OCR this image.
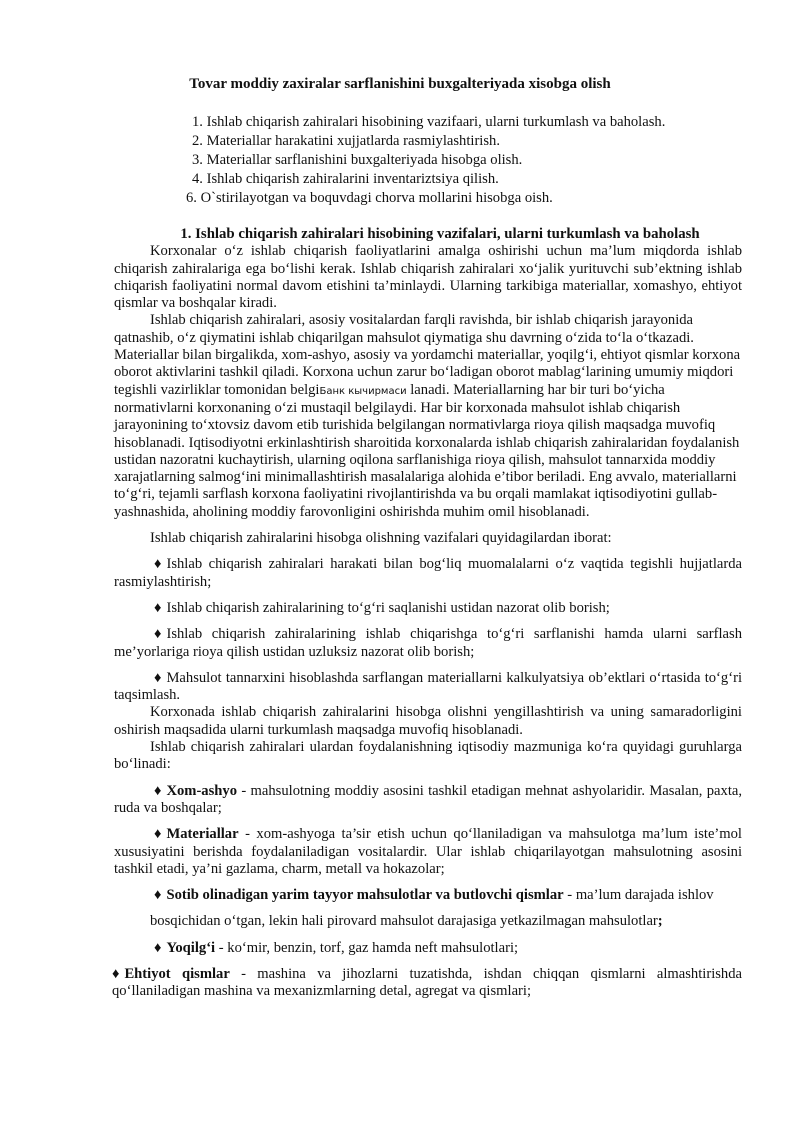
Tovar moddiy zaxiralar sarflanishini buxgalteriyada xisobga olish
1. Ishlab chiqarish zahiralari hisobining vazifaari, ularni turkumlash va baholash.
2. Materiallar harakatini xujjatlarda rasmiylashtirish.
3. Materiallar sarflanishini buxgalteriyada hisobga olish.
4. Ishlab chiqarish zahiralarini inventariztsiya qilish.
6. O`stirilayotgan va boquvdagi chorva mollarini hisobga oish.

1. Ishlab chiqarish zahiralari hisobining vazifalari, ularni turkumlash va baholash

Korxonalar o‘z ishlab chiqarish faoliyatlarini amalga oshirishi uchun ma’lum miqdorda ishlab chiqarish zahiralariga ega bo‘lishi kerak. Ishlab chiqarish zahiralari xo‘jalik yurituvchi sub’ektning ishlab chiqarish faoliyatini normal davom etishini ta’minlaydi. Ularning tarkibiga materiallar, xomashyo, ehtiyot qismlar va boshqalar kiradi.

Ishlab chiqarish zahiralari, asosiy vositalardan farqli ravishda, bir ishlab chiqarish jarayonida qatnashib, o‘z qiymatini ishlab chiqarilgan mahsulot qiymatiga shu davrning o‘zida to‘la o‘tkazadi. Materiallar bilan birgalikda, xom-ashyo, asosiy va yordamchi materiallar, yoqilg‘i, ehtiyot qismlar korxona oborot aktivlarini tashkil qiladi. Korxona uchun zarur bo‘ladigan oborot mablag‘larining umumiy miqdori tegishli vazirliklar tomonidan belgiБанк кычирмаси lanadi. Materiallarning har bir turi bo‘yicha normativlarni korxonaning o‘zi mustaqil belgilaydi. Har bir korxonada mahsulot ishlab chiqarish jarayonining to‘xtovsiz davom etib turishida belgilangan normativlarga rioya qilish maqsadga muvofiq hisoblanadi. Iqtisodiyotni erkinlashtirish sharoitida korxonalarda ishlab chiqarish zahiralaridan foydalanish ustidan nazoratni kuchaytirish, ularning oqilona sarflanishiga rioya qilish, mahsulot tannarxida moddiy xarajatlarning salmog‘ini minimallashtirish masalalariga alohida e’tibor beriladi. Eng avvalo, materiallarni to‘g‘ri, tejamli sarflash korxona faoliyatini rivojlantirishda va bu orqali mamlakat iqtisodiyotini gullab-yashnashida, aholining moddiy farovonligini oshirishda muhim omil hisoblanadi.

Ishlab chiqarish zahiralarini hisobga olishning vazifalari quyidagilardan iborat:

♦ Ishlab chiqarish zahiralari harakati bilan bog‘liq muomalalarni o‘z vaqtida tegishli hujjatlarda rasmiylashtirish;

♦ Ishlab chiqarish zahiralarining to‘g‘ri saqlanishi ustidan nazorat olib borish;

♦ Ishlab chiqarish zahiralarining ishlab chiqarishga to‘g‘ri sarflanishi hamda ularni sarflash me’yorlariga rioya qilish ustidan uzluksiz nazorat olib borish;

♦ Mahsulot tannarxini hisoblashda sarflangan materiallarni kalkulyatsiya ob’ektlari o‘rtasida to‘g‘ri taqsimlash.

Korxonada ishlab chiqarish zahiralarini hisobga olishni yengillashtirish va uning samaradorligini oshirish maqsadida ularni turkumlash maqsadga muvofiq hisoblanadi.

Ishlab chiqarish zahiralari ulardan foydalanishning iqtisodiy mazmuniga ko‘ra quyidagi guruhlarga bo‘linadi:

♦ Xom-ashyo - mahsulotning moddiy asosini tashkil etadigan mehnat ashyolaridir. Masalan, paxta, ruda va boshqalar;

♦ Materiallar - xom-ashyoga ta’sir etish uchun qo‘llaniladigan va mahsulotga ma’lum iste’mol xususiyatini berishda foydalaniladigan vositalardir. Ular ishlab chiqarilayotgan mahsulotning asosini tashkil etadi, ya’ni gazlama, charm, metall va hokazolar;

♦ Sotib olinadigan yarim tayyor mahsulotlar va butlovchi qismlar - ma’lum darajada ishlov

bosqichidan o‘tgan, lekin hali pirovard mahsulot darajasiga yetkazilmagan mahsulotlar;

♦ Yoqilg‘i - ko‘mir, benzin, torf, gaz hamda neft mahsulotlari;

♦ Ehtiyot qismlar - mashina va jihozlarni tuzatishda, ishdan chiqqan qismlarni almashtirishda qo‘llaniladigan mashina va mexanizmlarning detal, agregat va qismlari;
